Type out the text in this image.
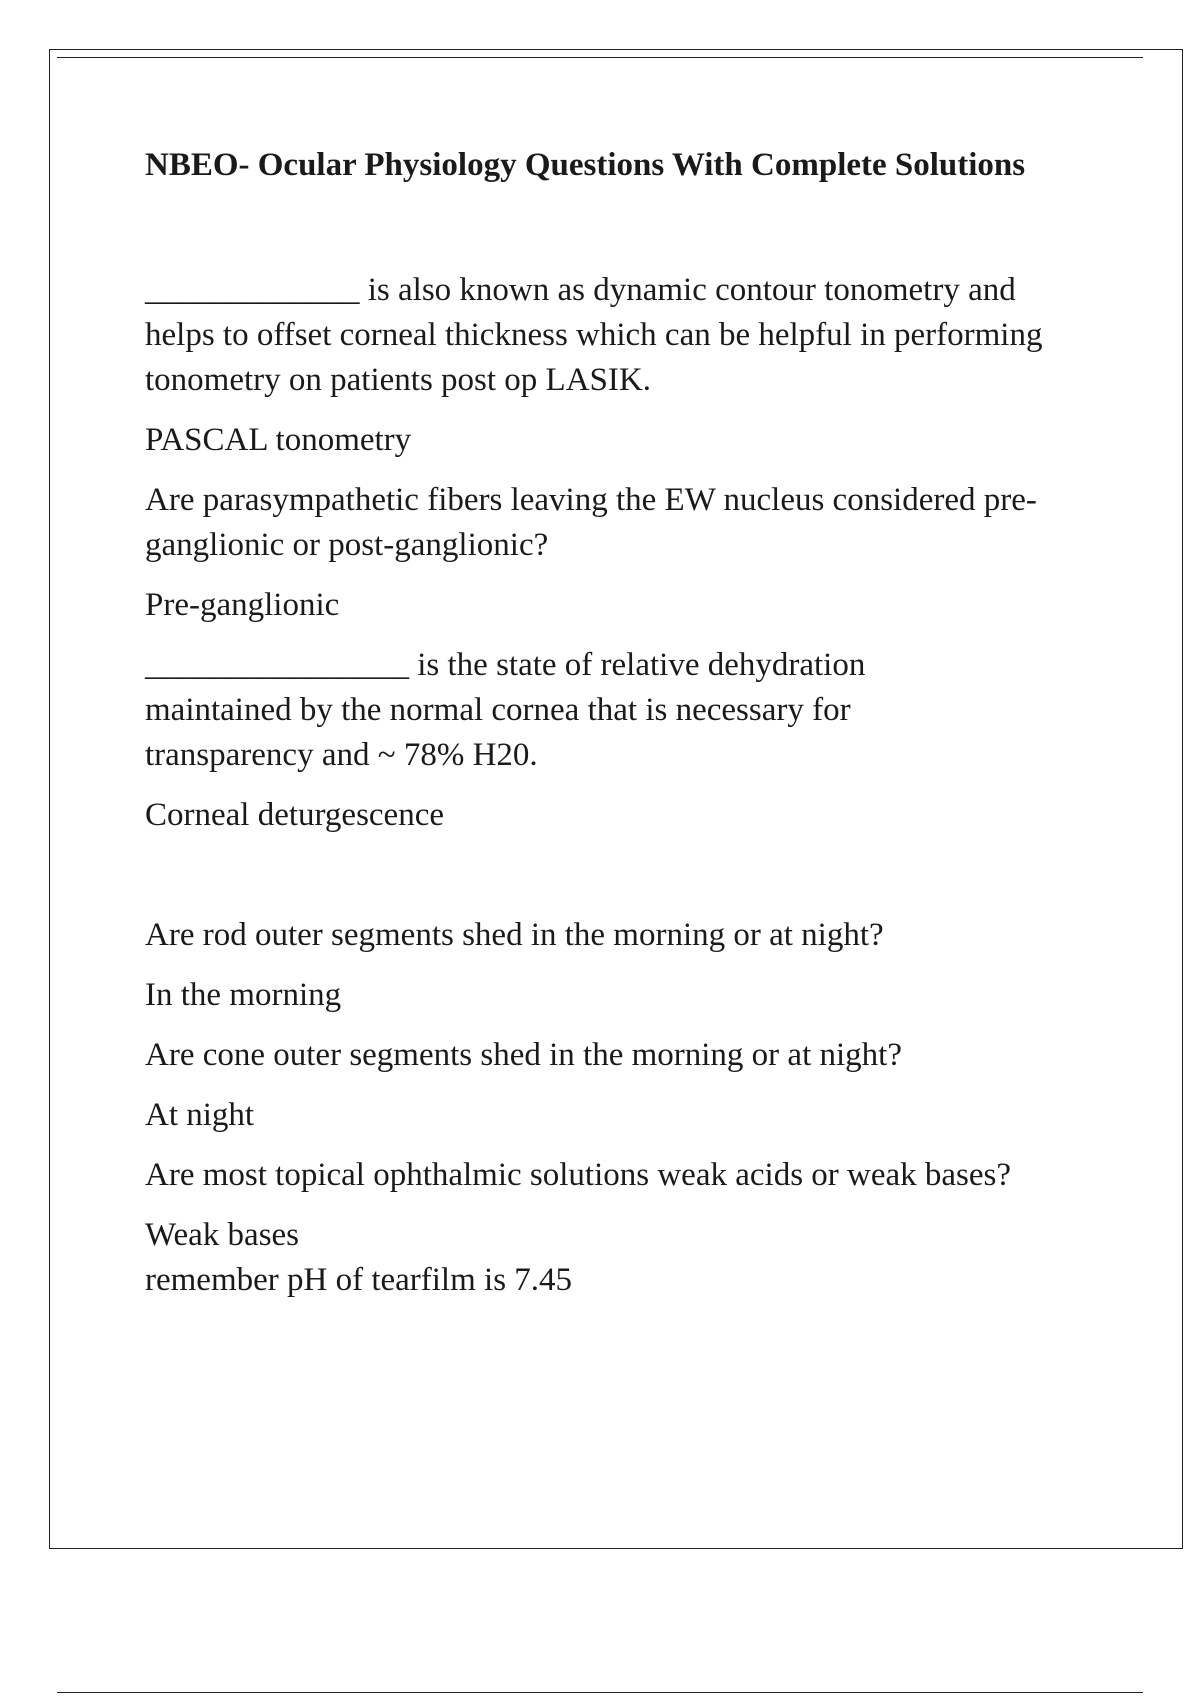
NBEO- Ocular Physiology Questions With Complete Solutions

_____________ is also known as dynamic contour tonometry and helps to offset corneal thickness which can be helpful in performing tonometry on patients post op LASIK.

PASCAL tonometry

Are parasympathetic fibers leaving the EW nucleus considered pre-ganglionic or post-ganglionic?

Pre-ganglionic

________________ is the state of relative dehydration maintained by the normal cornea that is necessary for transparency and ~ 78% H20.

Corneal deturgescence

Are rod outer segments shed in the morning or at night?

In the morning

Are cone outer segments shed in the morning or at night?

At night

Are most topical ophthalmic solutions weak acids or weak bases?

Weak bases
remember pH of tearfilm is 7.45
